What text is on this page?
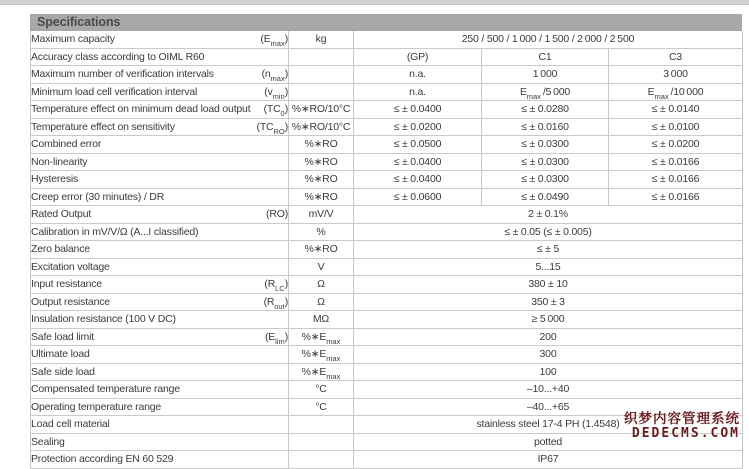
Specifications
Maximum capacity $(E_{max})$	kg	250 / 500 / 1 000 / 1 500 / 2 000 / 2 500		

Accuracy class according to OIML R60		(GP)	C1	C3

Maximum number of verification intervals $(n_{max})$		n.a.	1 000	3 000

Minimum load cell verification interval $(v_{min})$		n.a.	$E_{max}$ /5 000	$E_{max}$ /10 000

Temperature effect on minimum dead load output $(TC_0)$	%∗RO/10°C	≤ ± 0.0400	≤ ± 0.0280	≤ ± 0.0140

Temperature effect on sensitivity $(TC_{RO})$	%∗RO/10°C	≤ ± 0.0200	≤ ± 0.0160	≤ ± 0.0100

Combined error	%∗RO	≤ ± 0.0500	≤ ± 0.0300	≤ ± 0.0200

Non-linearity	%∗RO	≤ ± 0.0400	≤ ± 0.0300	≤ ± 0.0166

Hysteresis	%∗RO	≤ ± 0.0400	≤ ± 0.0300	≤ ± 0.0166

Creep error (30 minutes) / DR	%∗RO	≤ ± 0.0600	≤ ± 0.0490	≤ ± 0.0166

Rated Output (RO)	mV/V	2 ± 0.1%		

Calibration in mV/V/Ω (A...I classified)	%	≤ ± 0.05 (≤ ± 0.005)		

Zero balance	%∗RO	≤ ± 5		

Excitation voltage	V	5...15		

Input resistance $(R_{LC})$	Ω	380 ± 10		

Output resistance $(R_{out})$	Ω	350 ± 3		

Insulation resistance (100 V DC)	MΩ	≥ 5 000		

Safe load limit $(E_{lim})$	$\%∗E_{max}$	200		

Ultimate load	$\%∗E_{max}$	300		

Safe side load	$\%∗E_{max}$	100		

Compensated temperature range	°C	–10...+40		

Operating temperature range	°C	–40...+65		

Load cell material		stainless steel 17-4 PH (1.4548)		

Sealing		potted		

Protection according EN 60 529		IP67		
织梦内容管理系统
DEDECMS.COM
